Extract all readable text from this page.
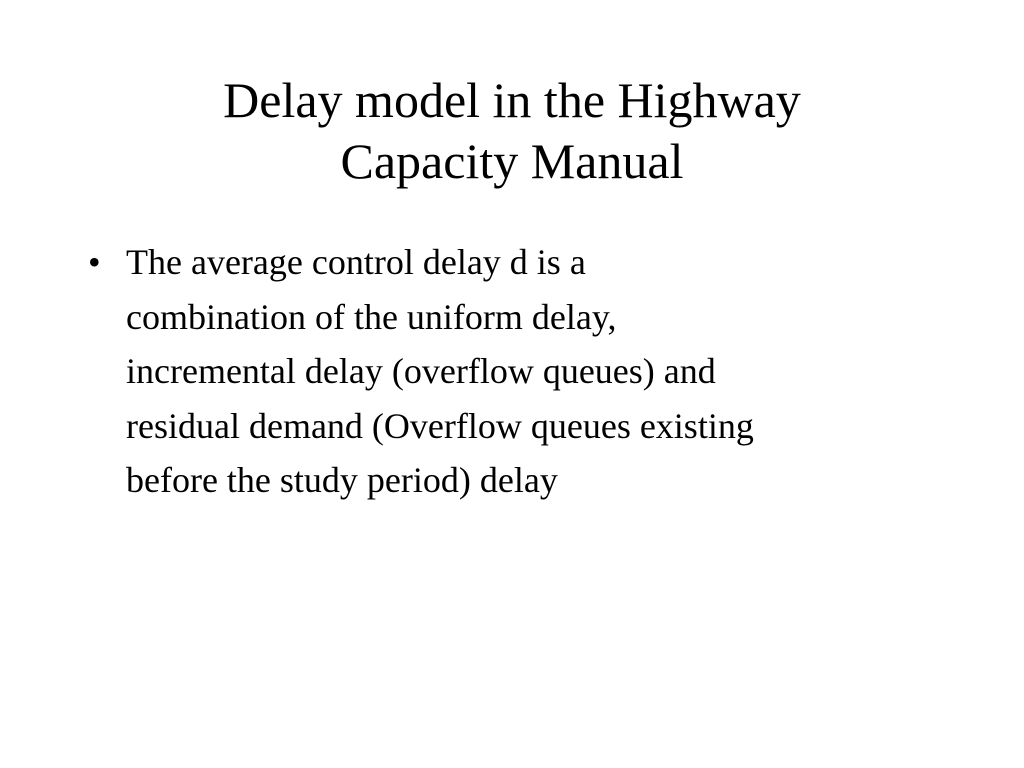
Delay model in the Highway
Capacity Manual
• The average control delay d is a
combination of the uniform delay,
incremental delay (overflow queues) and
residual demand (Overflow queues existing
before the study period) delay
